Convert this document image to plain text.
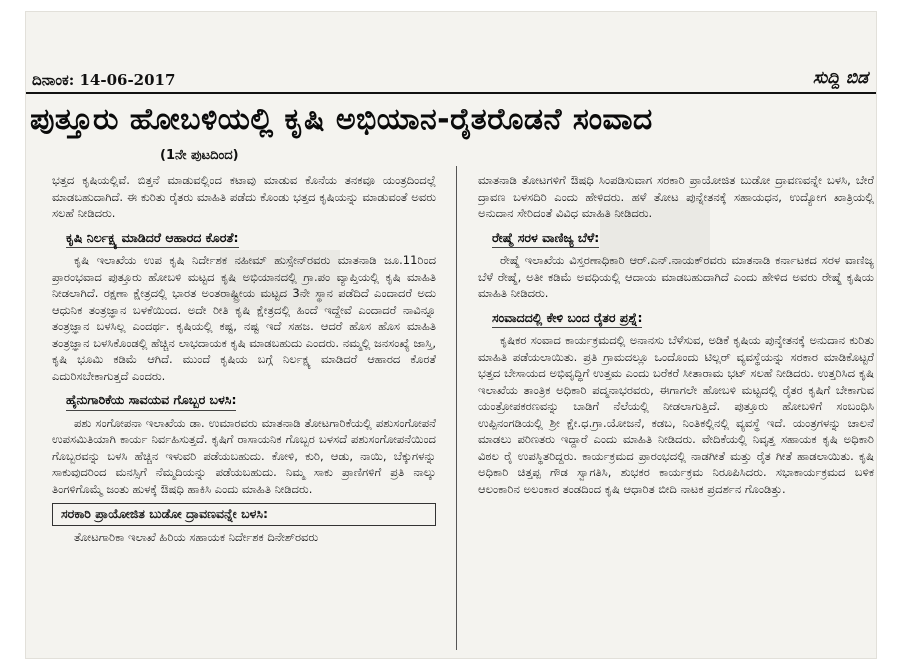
ದಿನಾಂಕ: 14-06-2017	ಸುದ್ದಿ ಬಿಡ
ಪುತ್ತೂರು ಹೋಬಳಿಯಲ್ಲಿ ಕೃಷಿ ಅಭಿಯಾನ-ರೈತರೊಡನೆ ಸಂವಾದ
(1ನೇ ಪುಟದಿಂದ)

ಭತ್ತದ ಕೃಷಿಯಲ್ಲಿವೆ. ಬಿತ್ತನೆ ಮಾಡುವಲ್ಲಿಂದ ಕಟಾವು ಮಾಡುವ ಕೊನೆಯ ತನಕವೂ ಯಂತ್ರದಿಂದಲ್ಲೆ ಮಾಡಬಹುದಾಗಿದೆ. ಈ ಕುರಿತು ರೈತರು ಮಾಹಿತಿ ಪಡೆದು ಕೊಂಡು ಭತ್ತದ ಕೃಷಿಯನ್ನು ಮಾಡುವಂತೆ ಅವರು ಸಲಹೆ ನೀಡಿದರು.

ಕೃಷಿ ನಿರ್ಲಕ್ಷ್ಯ ಮಾಡಿದರೆ ಆಹಾರದ ಕೊರತೆ:

ಕೃಷಿ ಇಲಾಖೆಯ ಉಪ ಕೃಷಿ ನಿರ್ದೇಶಕ ನಹೀಮ್ ಹುಸ್ಸೇನ್‌ರವರು ಮಾತನಾಡಿ ಜೂ.11ರಿಂದ ಪ್ರಾರಂಭವಾದ ಪುತ್ತೂರು ಹೋಬಳಿ ಮಟ್ಟದ ಕೃಷಿ ಅಭಿಯಾನದಲ್ಲಿ ಗ್ರಾ.ಪಂ ವ್ಯಾಪ್ತಿಯಲ್ಲಿ ಕೃಷಿ ಮಾಹಿತಿ ನೀಡಲಾಗಿದೆ. ರಕ್ಷಣಾ ಕ್ಷೇತ್ರದಲ್ಲಿ ಭಾರತ ಅಂತರಾಷ್ಟ್ರೀಯ ಮಟ್ಟದ 3ನೇ ಸ್ಥಾನ ಪಡೆದಿದೆ ಎಂದಾದರೆ ಅದು ಆಧುನಿಕ ತಂತ್ರಜ್ಞಾನ ಬಳಕೆಯಿಂದ. ಅದೇ ರೀತಿ ಕೃಷಿ ಕ್ಷೇತ್ರದಲ್ಲಿ ಹಿಂದೆ ಇದ್ದೇವೆ ಎಂದಾದರೆ ನಾವಿನ್ನೂ ತಂತ್ರಜ್ಞಾನ ಬಳಸಿಲ್ಲ ಎಂದರ್ಥ. ಕೃಷಿಯಲ್ಲಿ ಕಷ್ಟ, ನಷ್ಟ ಇದೆ ಸಹಜ. ಆದರೆ ಹೊಸ ಹೊಸ ಮಾಹಿತಿ ತಂತ್ರಜ್ಞಾನ ಬಳಸಿಕೊಂಡಲ್ಲಿ ಹೆಚ್ಚಿನ ಲಾಭದಾಯಕ ಕೃಷಿ ಮಾಡಬಹುದು ಎಂದರು. ನಮ್ಮಲ್ಲಿ ಜನಸಂಖ್ಯೆ ಜಾಸ್ತಿ, ಕೃಷಿ ಭೂಮಿ ಕಡಿಮೆ ಆಗಿದೆ. ಮುಂದೆ ಕೃಷಿಯ ಬಗ್ಗೆ ನಿರ್ಲಕ್ಷ್ಯ ಮಾಡಿದರೆ ಆಹಾರದ ಕೊರತೆ ಎದುರಿಸಬೇಕಾಗುತ್ತದೆ ಎಂದರು.

ಹೈನುಗಾರಿಕೆಯ ಸಾವಯವ ಗೊಬ್ಬರ ಬಳಸಿ:

ಪಶು ಸಂಗೋಪನಾ ಇಲಾಖೆಯ ಡಾ. ಉಮಾರವರು ಮಾತನಾಡಿ ತೋಟಗಾರಿಕೆಯಲ್ಲಿ ಪಶುಸಂಗೋಪನೆ ಉಪಸಮಿತಿಯಾಗಿ ಕಾರ್ಯ ನಿರ್ವಹಿಸುತ್ತದೆ. ಕೃಷಿಗೆ ರಾಸಾಯನಿಕ ಗೊಬ್ಬರ ಬಳಸದೆ ಪಶುಸಂಗೋಪನೆಯಿಂದ ಗೊಬ್ಬರವನ್ನು ಬಳಸಿ ಹೆಚ್ಚಿನ ಇಳುವರಿ ಪಡೆಯಬಹುದು. ಕೋಳಿ, ಕುರಿ, ಆಡು, ನಾಯಿ, ಬೆಕ್ಕುಗಳನ್ನು ಸಾಕುವುದರಿಂದ ಮನಸ್ಸಿಗೆ ನೆಮ್ಮದಿಯನ್ನು ಪಡೆಯಬಹುದು. ನಿಮ್ಮ ಸಾಕು ಪ್ರಾಣಿಗಳಿಗೆ ಪ್ರತಿ ನಾಲ್ಕು ತಿಂಗಳಿಗೊಮ್ಮೆ ಜಂತು ಹುಳಕ್ಕೆ ಔಷಧಿ ಹಾಕಿಸಿ ಎಂದು ಮಾಹಿತಿ ನೀಡಿದರು.

ಸರಕಾರಿ ಪ್ರಾಯೋಜಿತ ಬುಡೋ ದ್ರಾವಣವನ್ನೇ ಬಳಸಿ:

ತೋಟಗಾರಿಕಾ ಇಲಾಖೆ ಹಿರಿಯ ಸಹಾಯಕ ನಿರ್ದೇಶಕ ದಿನೇಶ್‌ರವರು

ಮಾತನಾಡಿ ತೋಟಗಳಿಗೆ ಔಷಧಿ ಸಿಂಪಡಿಸುವಾಗ ಸರಕಾರಿ ಪ್ರಾಯೋಜಿತ ಬುಡೋ ದ್ರಾವಣವನ್ನೇ ಬಳಸಿ, ಬೇರೆ ದ್ರಾವಣ ಬಳಸದಿರಿ ಎಂದು ಹೇಳಿದರು. ಹಳೆ ತೋಟ ಪುನ್ನೇತನಕ್ಕೆ ಸಹಾಯಧನ, ಉದ್ಯೋಗ ಖಾತ್ರಿಯಲ್ಲಿ ಅನುದಾನ ಸೇರಿದಂತೆ ವಿವಿಧ ಮಾಹಿತಿ ನೀಡಿದರು.

ರೇಷ್ಮೆ ಸರಳ ವಾಣಿಜ್ಯ ಬೆಳೆ:

ರೇಷ್ಮೆ ಇಲಾಖೆಯ ವಿಸ್ತರಣಾಧಿಕಾರಿ ಆರ್.ಎನ್.ನಾಯಕ್‌ರವರು ಮಾತನಾಡಿ ಕರ್ನಾಟಕದ ಸರಳ ವಾಣಿಜ್ಯ ಬೆಳೆ ರೇಷ್ಮೆ, ಅತೀ ಕಡಿಮೆ ಅವಧಿಯಲ್ಲಿ ಆದಾಯ ಮಾಡಬಹುದಾಗಿದೆ ಎಂದು ಹೇಳಿದ ಅವರು ರೇಷ್ಮೆ ಕೃಷಿಯ ಮಾಹಿತಿ ನೀಡಿದರು.

ಸಂವಾದದಲ್ಲಿ ಕೇಳಿ ಬಂದ ರೈತರ ಪ್ರಶ್ನೆ:

ಕೃಷಿಕರ ಸಂವಾದ ಕಾರ್ಯಕ್ರಮದಲ್ಲಿ ಅನಾನಸು ಬೆಳೆಸುವ, ಅಡಿಕೆ ಕೃಷಿಯ ಪುನ್ಶೇತನಕ್ಕೆ ಅನುದಾನ ಕುರಿತು ಮಾಹಿತಿ ಪಡೆಯಲಾಯಿತು. ಪ್ರತಿ ಗ್ರಾಮದಲ್ಲೂ ಒಂದೊಂದು ಟಿಲ್ಲರ್ ವ್ಯವಸ್ಥೆಯನ್ನು ಸರಕಾರ ಮಾಡಿಕೊಟ್ಟರೆ ಭತ್ತದ ಬೇಸಾಯದ ಅಭಿವೃದ್ಧಿಗೆ ಉತ್ತಮ ಎಂದು ಬರೆಕರೆ ಸೀತಾರಾಮ ಭಟ್ ಸಲಹೆ ನೀಡಿದರು. ಉತ್ತರಿಸಿದ ಕೃಷಿ ಇಲಾಖೆಯ ತಾಂತ್ರಿಕ ಅಧಿಕಾರಿ ಪದ್ಮನಾಭರವರು, ಈಗಾಗಲೇ ಹೋಬಳಿ ಮಟ್ಟದಲ್ಲಿ ರೈತರ ಕೃಷಿಗೆ ಬೇಕಾಗುವ ಯಂತ್ರೋಪಕರಣವನ್ನು ಬಾಡಿಗೆ ನೆಲೆಯಲ್ಲಿ ನೀಡಲಾಗುತ್ತಿದೆ. ಪುತ್ತೂರು ಹೋಬಳಿಗೆ ಸಂಬಂಧಿಸಿ ಉಪ್ಪಿನಂಗಡಿಯಲ್ಲಿ ಶ್ರೀ ಕ್ಷೇ.ಧ.ಗ್ರಾ.ಯೋಜನೆ, ಕಡಬ, ನಿಂತಿಕಲ್ಲಿನಲ್ಲಿ ವ್ಯವಸ್ಥೆ ಇದೆ. ಯಂತ್ರಗಳನ್ನು ಚಾಲನೆ ಮಾಡಲು ಪರಿಣತರು ಇದ್ದಾರೆ ಎಂದು ಮಾಹಿತಿ ನೀಡಿದರು. ವೇದಿಕೆಯಲ್ಲಿ ನಿವೃತ್ತ ಸಹಾಯಕ ಕೃಷಿ ಅಧಿಕಾರಿ ವಿಠಲ ರೈ ಉಪಸ್ಥಿತರಿದ್ದರು. ಕಾರ್ಯಕ್ರಮದ ಪ್ರಾರಂಭದಲ್ಲಿ ನಾಡಗೀತೆ ಮತ್ತು ರೈತ ಗೀತೆ ಹಾಡಲಾಯಿತು. ಕೃಷಿ ಅಧಿಕಾರಿ ಚಿತ್ತಪ್ಪ ಗೌಡ ಸ್ವಾಗತಿಸಿ, ಶುಭಕರ ಕಾರ್ಯಕ್ರಮ ನಿರೂಪಿಸಿದರು. ಸಭಾಕಾರ್ಯಕ್ರಮದ ಬಳಿಕ ಆಲಂಕಾರಿನ ಅಲಂಕಾರ ತಂಡದಿಂದ ಕೃಷಿ ಆಧಾರಿತ ಬೀದಿ ನಾಟಕ ಪ್ರದರ್ಶನ ಗೊಂಡಿತ್ತು.
